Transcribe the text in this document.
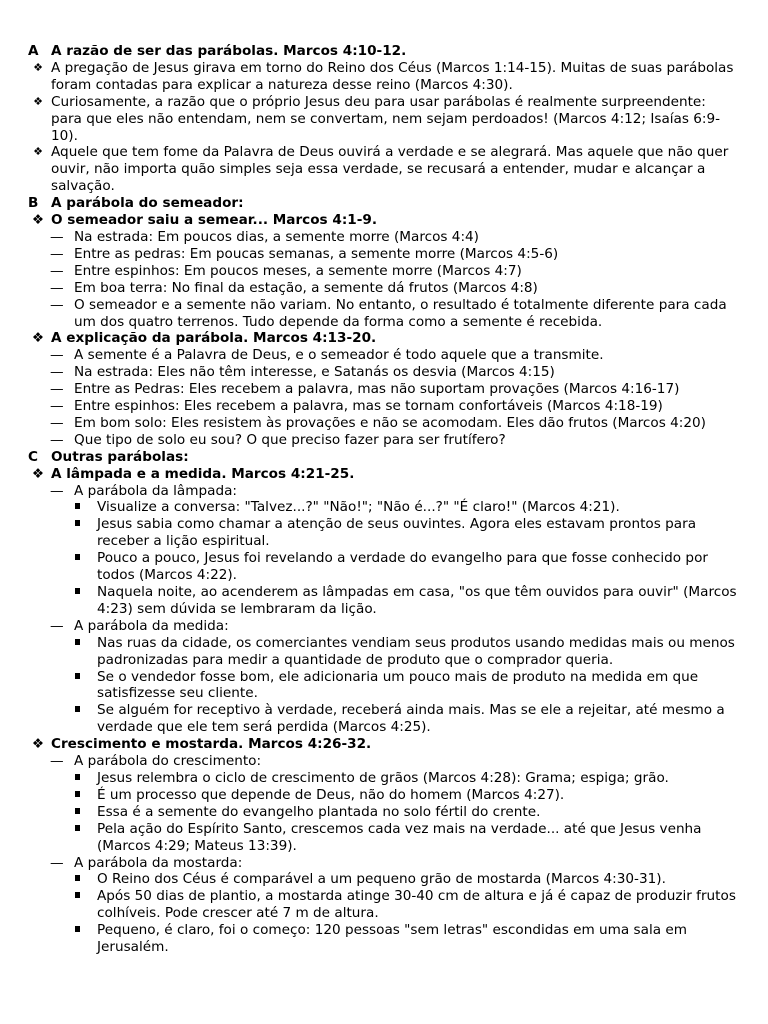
A A razão de ser das parábolas. Marcos 4:10-12.
❖ A pregação de Jesus girava em torno do Reino dos Céus (Marcos 1:14-15). Muitas de suas parábolas foram contadas para explicar a natureza desse reino (Marcos 4:30).
❖ Curiosamente, a razão que o próprio Jesus deu para usar parábolas é realmente surpreendente: para que eles não entendam, nem se convertam, nem sejam perdoados! (Marcos 4:12; Isaías 6:9-10).
❖ Aquele que tem fome da Palavra de Deus ouvirá a verdade e se alegrará. Mas aquele que não quer ouvir, não importa quão simples seja essa verdade, se recusará a entender, mudar e alcançar a salvação.
B A parábola do semeador:
❖ O semeador saiu a semear... Marcos 4:1-9.
— Na estrada: Em poucos dias, a semente morre (Marcos 4:4)
— Entre as pedras: Em poucas semanas, a semente morre (Marcos 4:5-6)
— Entre espinhos: Em poucos meses, a semente morre (Marcos 4:7)
— Em boa terra: No final da estação, a semente dá frutos (Marcos 4:8)
— O semeador e a semente não variam. No entanto, o resultado é totalmente diferente para cada um dos quatro terrenos. Tudo depende da forma como a semente é recebida.
❖ A explicação da parábola. Marcos 4:13-20.
— A semente é a Palavra de Deus, e o semeador é todo aquele que a transmite.
— Na estrada: Eles não têm interesse, e Satanás os desvia (Marcos 4:15)
— Entre as Pedras: Eles recebem a palavra, mas não suportam provações (Marcos 4:16-17)
— Entre espinhos: Eles recebem a palavra, mas se tornam confortáveis (Marcos 4:18-19)
— Em bom solo: Eles resistem às provações e não se acomodam. Eles dão frutos (Marcos 4:20)
— Que tipo de solo eu sou? O que preciso fazer para ser frutífero?
C Outras parábolas:
❖ A lâmpada e a medida. Marcos 4:21-25.
— A parábola da lâmpada:
Visualize a conversa: "Talvez...?" "Não!"; "Não é...?" "É claro!" (Marcos 4:21).
Jesus sabia como chamar a atenção de seus ouvintes. Agora eles estavam prontos para receber a lição espiritual.
Pouco a pouco, Jesus foi revelando a verdade do evangelho para que fosse conhecido por todos (Marcos 4:22).
Naquela noite, ao acenderem as lâmpadas em casa, "os que têm ouvidos para ouvir" (Marcos 4:23) sem dúvida se lembraram da lição.
— A parábola da medida:
Nas ruas da cidade, os comerciantes vendiam seus produtos usando medidas mais ou menos padronizadas para medir a quantidade de produto que o comprador queria.
Se o vendedor fosse bom, ele adicionaria um pouco mais de produto na medida em que satisfizesse seu cliente.
Se alguém for receptivo à verdade, receberá ainda mais. Mas se ele a rejeitar, até mesmo a verdade que ele tem será perdida (Marcos 4:25).
❖ Crescimento e mostarda. Marcos 4:26-32.
— A parábola do crescimento:
Jesus relembra o ciclo de crescimento de grãos (Marcos 4:28): Grama; espiga; grão.
É um processo que depende de Deus, não do homem (Marcos 4:27).
Essa é a semente do evangelho plantada no solo fértil do crente.
Pela ação do Espírito Santo, crescemos cada vez mais na verdade... até que Jesus venha (Marcos 4:29; Mateus 13:39).
— A parábola da mostarda:
O Reino dos Céus é comparável a um pequeno grão de mostarda (Marcos 4:30-31).
Após 50 dias de plantio, a mostarda atinge 30-40 cm de altura e já é capaz de produzir frutos colhíveis. Pode crescer até 7 m de altura.
Pequeno, é claro, foi o começo: 120 pessoas "sem letras" escondidas em uma sala em Jerusalém.
